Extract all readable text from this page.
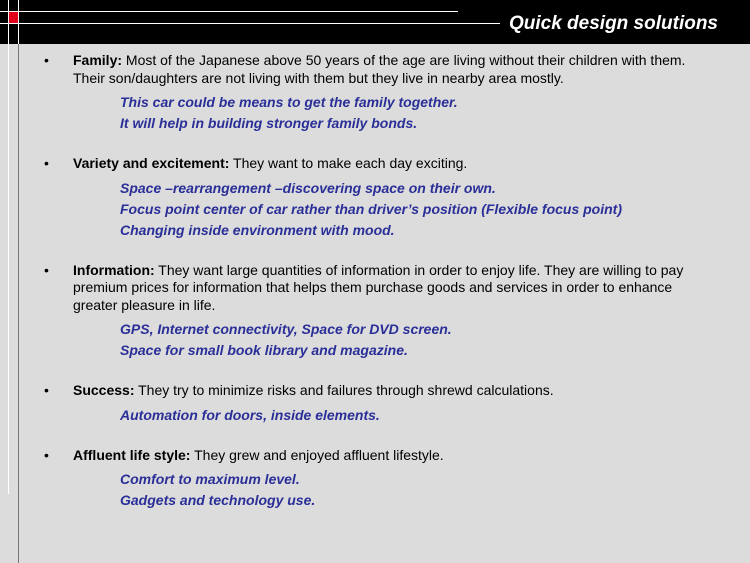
Quick design solutions
• Family: Most of the Japanese above 50 years of the age are living without their children with them. Their son/daughters are not living with them but they live in nearby area mostly.
This car could be means to get the family together.
It will help in building stronger family bonds.
• Variety and excitement: They want to make each day exciting.
Space –rearrangement –discovering space on their own.
Focus point center of car rather than driver’s position (Flexible focus point)
Changing inside environment with mood.
• Information: They want large quantities of information in order to enjoy life. They are willing to pay premium prices for information that helps them purchase goods and services in order to enhance greater pleasure in life.
GPS, Internet connectivity, Space for DVD screen.
Space for small book library and magazine.
• Success: They try to minimize risks and failures through shrewd calculations.
Automation for doors, inside elements.
• Affluent life style: They grew and enjoyed affluent lifestyle.
Comfort to maximum level.
Gadgets and technology use.
